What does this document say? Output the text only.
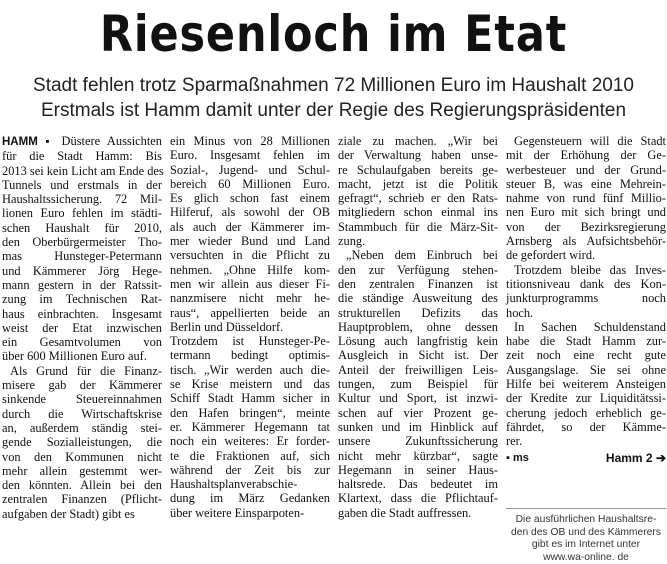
Riesenloch im Etat
Stadt fehlen trotz Sparmaßnahmen 72 Millionen Euro im Haushalt 2010
Erstmals ist Hamm damit unter der Regie des Regierungspräsidenten
HAMM ▪ Düstere Aussichten
für die Stadt Hamm: Bis
2013 sei kein Licht am Ende des
Tunnels und erstmals in der
Haushaltssicherung. 72 Mil-
lionen Euro fehlen im städti-
schen Haushalt für 2010,
den Oberbürgermeister Tho-
mas Hunsteger-Petermann
und Kämmerer Jörg Hege-
mann gestern in der Ratssit-
zung im Technischen Rat-
haus einbrachten. Insgesamt
weist der Etat inzwischen
ein Gesamtvolumen von
über 600 Millionen Euro auf.
Als Grund für die Finanz-
misere gab der Kämmerer
sinkende Steuereinnahmen
durch die Wirtschaftskrise
an, außerdem ständig stei-
gende Sozialleistungen, die
von den Kommunen nicht
mehr allein gestemmt wer-
den könnten. Allein bei den
zentralen Finanzen (Pflicht-
aufgaben der Stadt) gibt es
ein Minus von 28 Millionen
Euro. Insgesamt fehlen im
Sozial-, Jugend- und Schul-
bereich 60 Millionen Euro.
Es glich schon fast einem
Hilferuf, als sowohl der OB
als auch der Kämmerer im-
mer wieder Bund und Land
versuchten in die Pflicht zu
nehmen. „Ohne Hilfe kom-
men wir allein aus dieser Fi-
nanzmisere nicht mehr he-
raus“, appellierten beide an
Berlin und Düsseldorf.
Trotzdem ist Hunsteger-Pe-
termann bedingt optimis-
tisch. „Wir werden auch die-
se Krise meistern und das
Schiff Stadt Hamm sicher in
den Hafen bringen“, meinte
er. Kämmerer Hegemann tat
noch ein weiteres: Er forder-
te die Fraktionen auf, sich
während der Zeit bis zur
Haushaltsplanverabschie-
dung im März Gedanken
über weitere Einsparpoten-
ziale zu machen. „Wir bei
der Verwaltung haben unse-
re Schulaufgaben bereits ge-
macht, jetzt ist die Politik
gefragt“, schrieb er den Rats-
mitgliedern schon einmal ins
Stammbuch für die März-Sit-
zung.
„Neben dem Einbruch bei
den zur Verfügung stehen-
den zentralen Finanzen ist
die ständige Ausweitung des
strukturellen Defizits das
Hauptproblem, ohne dessen
Lösung auch langfristig kein
Ausgleich in Sicht ist. Der
Anteil der freiwilligen Leis-
tungen, zum Beispiel für
Kultur und Sport, ist inzwi-
schen auf vier Prozent ge-
sunken und im Hinblick auf
unsere Zukunftssicherung
nicht mehr kürzbar“, sagte
Hegemann in seiner Haus-
haltsrede. Das bedeutet im
Klartext, dass die Pflichtauf-
gaben die Stadt auffressen.
Gegensteuern will die Stadt
mit der Erhöhung der Ge-
werbesteuer und der Grund-
steuer B, was eine Mehrein-
nahme von rund fünf Millio-
nen Euro mit sich bringt und
von der Bezirksregierung
Arnsberg als Aufsichtsbehör-
de gefordert wird.
Trotzdem bleibe das Inves-
titionsniveau dank des Kon-
junkturprogramms noch
hoch.
In Sachen Schuldenstand
habe die Stadt Hamm zur-
zeit noch eine recht gute
Ausgangslage. Sie sei ohne
Hilfe bei weiterem Ansteigen
der Kredite zur Liquiditätssi-
cherung jedoch erheblich ge-
fährdet, so der Kämme-
rer.
▪ ms	Hamm 2 ➔
Die ausführlichen Haushaltsre-
den des OB und des Kämmerers
gibt es im Internet unter
www.wa-online. de
